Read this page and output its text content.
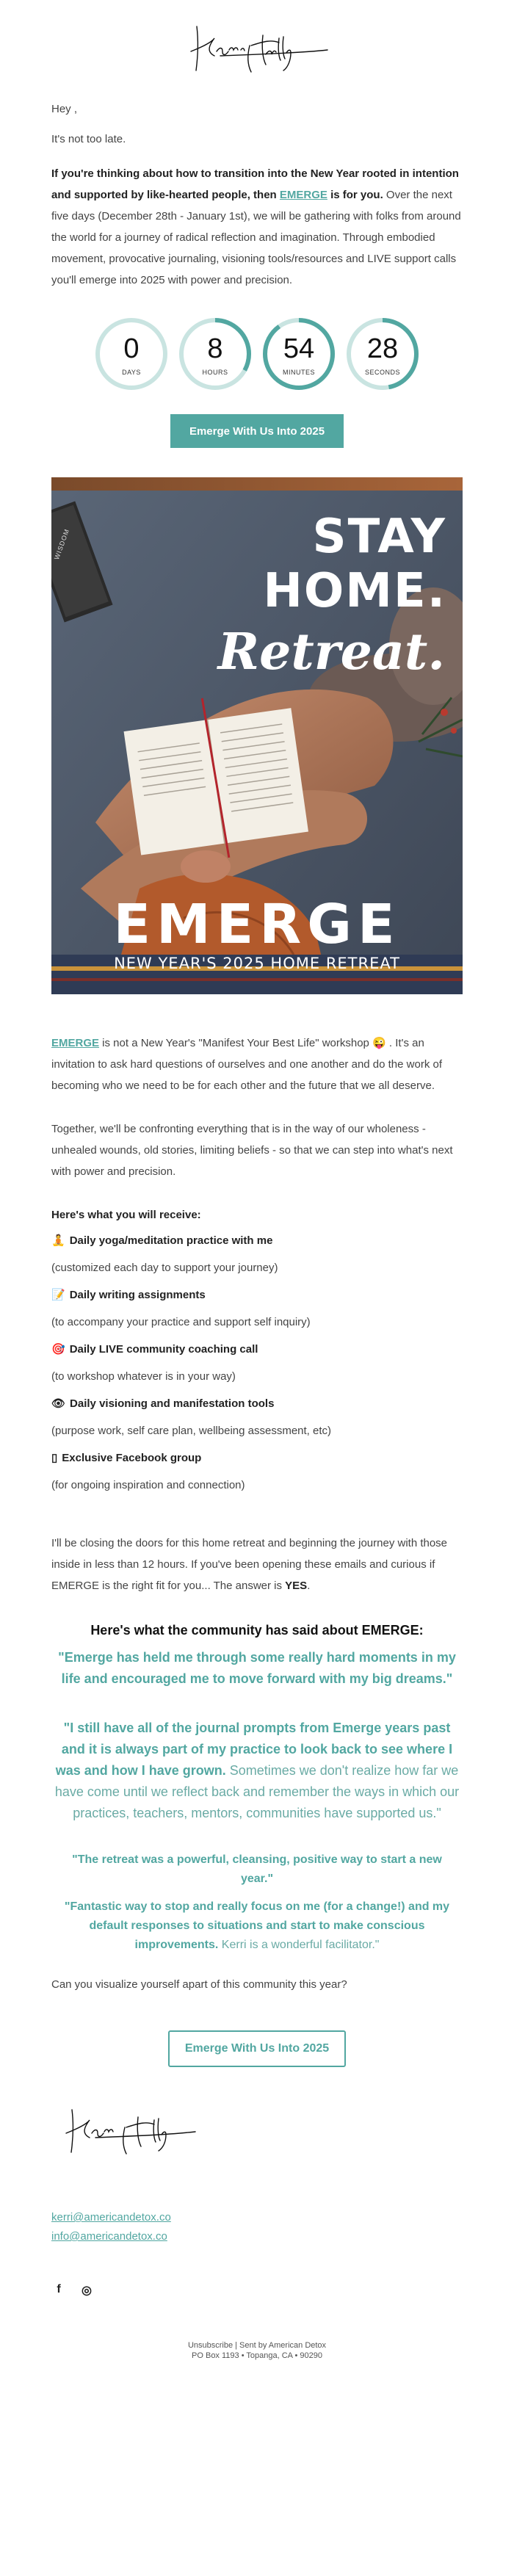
Hey ,

It's not too late.

If you're thinking about how to transition into the New Year rooted in intention and supported by like-hearted people, then EMERGE is for you. Over the next five days (December 28th - January 1st), we will be gathering with folks from around the world for a journey of radical reflection and imagination. Through embodied movement, provocative journaling, visioning tools/resources and LIVE support calls you'll emerge into 2025 with power and precision.

0
DAYS
8
HOURS
54
MINUTES
28
SECONDS
Emerge With Us Into 2025
STAY
HOME.
Retreat.
EMERGE
NEW YEAR'S 2025 HOME RETREAT
WISDOM

EMERGE is not a New Year's "Manifest Your Best Life" workshop 😜 . It's an invitation to ask hard questions of ourselves and one another and do the work of becoming who we need to be for each other and the future that we all deserve.

Together, we'll be confronting everything that is in the way of our wholeness - unhealed wounds, old stories, limiting beliefs - so that we can step into what's next with power and precision.

Here's what you will receive:

🧘 Daily yoga/meditation practice with me
(customized each day to support your journey)
📝 Daily writing assignments
(to accompany your practice and support self inquiry)
🎯 Daily LIVE community coaching call
(to workshop whatever is in your way)
👁 Daily visioning and manifestation tools
(purpose work, self care plan, wellbeing assessment, etc)
▯ Exclusive Facebook group
(for ongoing inspiration and connection)

I'll be closing the doors for this home retreat and beginning the journey with those inside in less than 12 hours. If you've been opening these emails and curious if EMERGE is the right fit for you... The answer is YES.

Here's what the community has said about EMERGE:
"Emerge has held me through some really hard moments in my life and encouraged me to move forward with my big dreams."
"I still have all of the journal prompts from Emerge years past and it is always part of my practice to look back to see where I was and how I have grown. Sometimes we don't realize how far we have come until we reflect back and remember the ways in which our practices, teachers, mentors, communities have supported us."
"The retreat was a powerful, cleansing, positive way to start a new year."
"Fantastic way to stop and really focus on me (for a change!) and my default responses to situations and start to make conscious improvements. Kerri is a wonderful facilitator."

Can you visualize yourself apart of this community this year?

Emerge With Us Into 2025
kerri@americandetox.co
info@americandetox.co
f	◎
Unsubscribe | Sent by American Detox
PO Box 1193 • Topanga, CA • 90290
